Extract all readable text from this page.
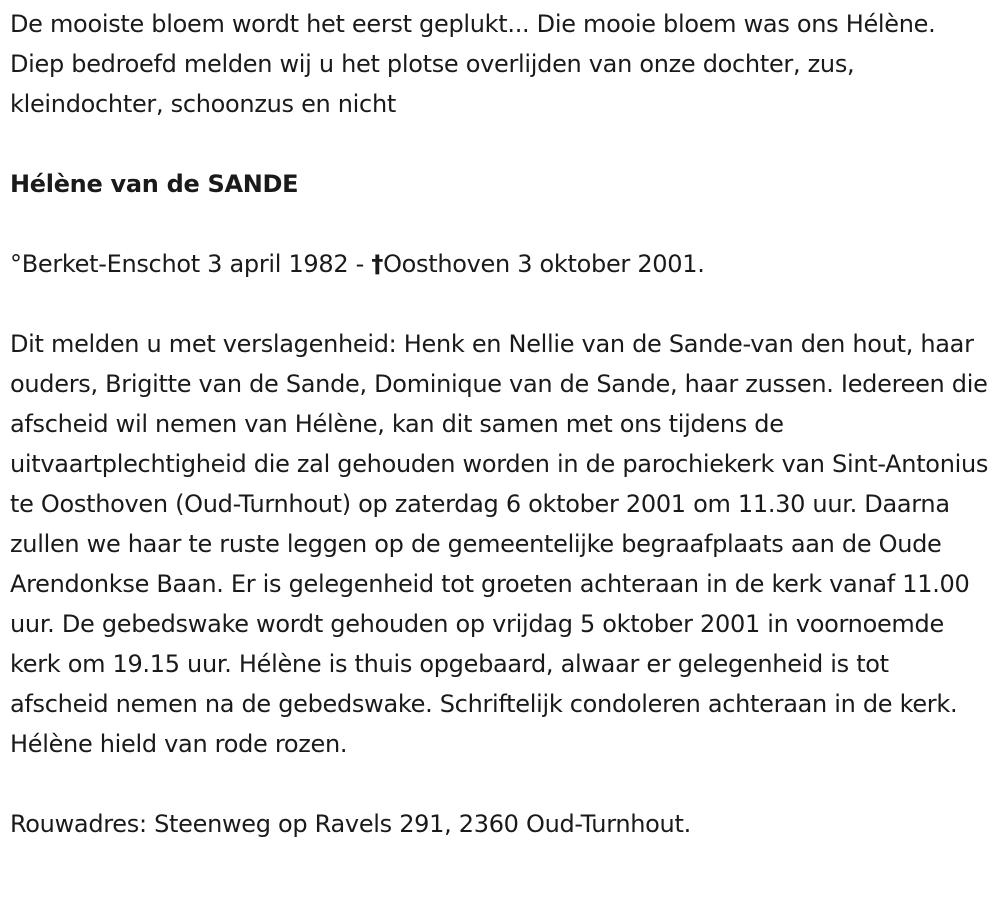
De mooiste bloem wordt het eerst geplukt... Die mooie bloem was ons Hélène. Diep bedroefd melden wij u het plotse overlijden van onze dochter, zus, kleindochter, schoonzus en nicht

Hélène van de SANDE

°Berket-Enschot 3 april 1982 - †Oosthoven 3 oktober 2001.

Dit melden u met verslagenheid: Henk en Nellie van de Sande-van den hout, haar ouders, Brigitte van de Sande, Dominique van de Sande, haar zussen. Iedereen die afscheid wil nemen van Hélène, kan dit samen met ons tijdens de uitvaartplechtigheid die zal gehouden worden in de parochiekerk van Sint-Antonius te Oosthoven (Oud-Turnhout) op zaterdag 6 oktober 2001 om 11.30 uur. Daarna zullen we haar te ruste leggen op de gemeentelijke begraafplaats aan de Oude Arendonkse Baan. Er is gelegenheid tot groeten achteraan in de kerk vanaf 11.00 uur. De gebedswake wordt gehouden op vrijdag 5 oktober 2001 in voornoemde kerk om 19.15 uur. Hélène is thuis opgebaard, alwaar er gelegenheid is tot afscheid nemen na de gebedswake. Schriftelijk condoleren achteraan in de kerk. Hélène hield van rode rozen.

Rouwadres: Steenweg op Ravels 291, 2360 Oud-Turnhout.
